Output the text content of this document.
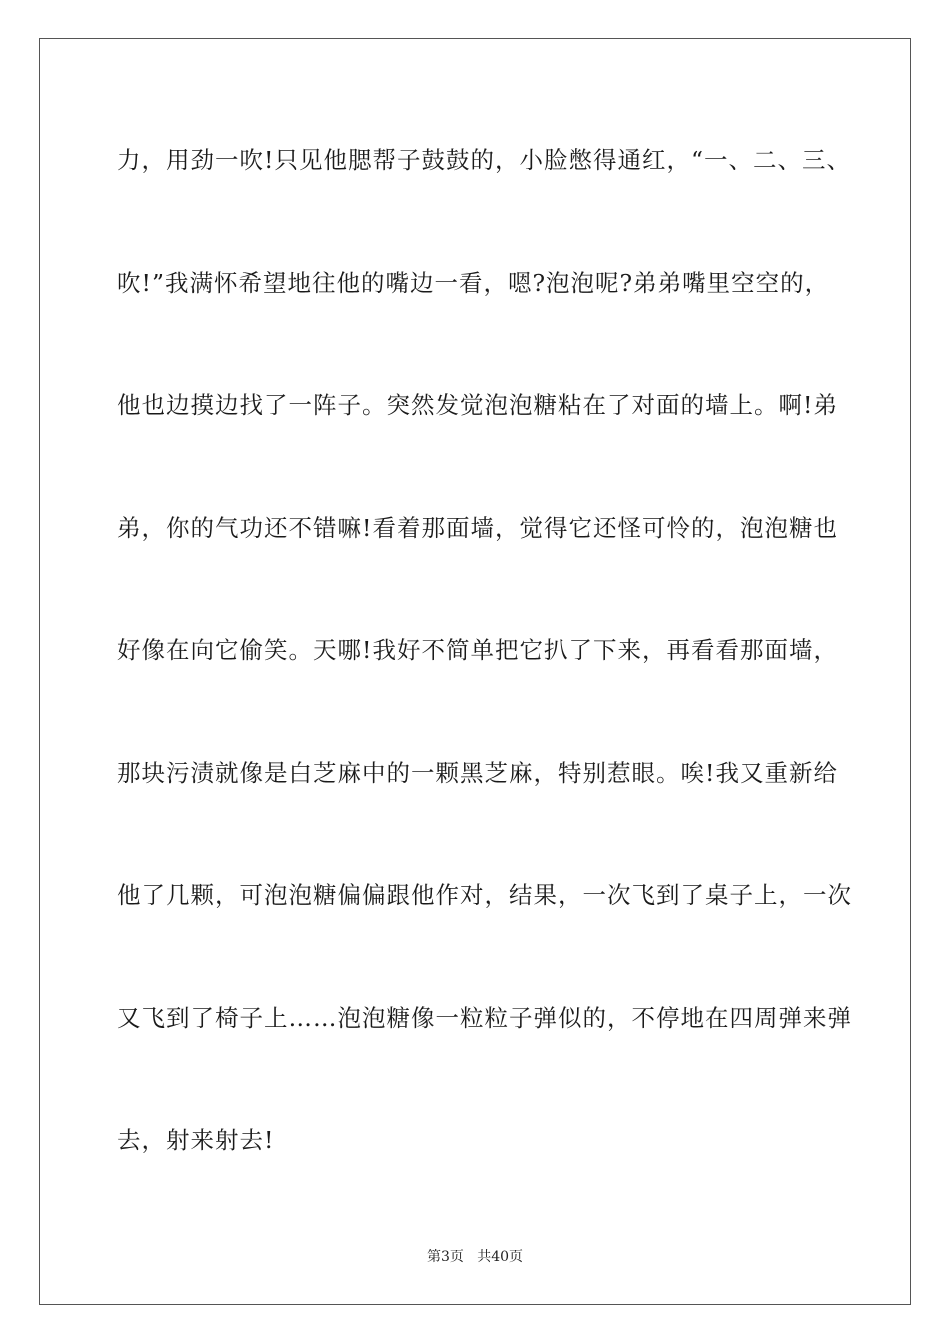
力，用劲一吹!只见他腮帮子鼓鼓的，小脸憋得通红，“一、二、三、
吹!”我满怀希望地往他的嘴边一看，嗯?泡泡呢?弟弟嘴里空空的，
他也边摸边找了一阵子。突然发觉泡泡糖粘在了对面的墙上。啊!弟
弟，你的气功还不错嘛!看着那面墙，觉得它还怪可怜的，泡泡糖也
好像在向它偷笑。天哪!我好不简单把它扒了下来，再看看那面墙，
那块污渍就像是白芝麻中的一颗黑芝麻，特别惹眼。唉!我又重新给
他了几颗，可泡泡糖偏偏跟他作对，结果，一次飞到了桌子上，一次
又飞到了椅子上……泡泡糖像一粒粒子弹似的，不停地在四周弹来弹
去，射来射去!
第3页   共40页
